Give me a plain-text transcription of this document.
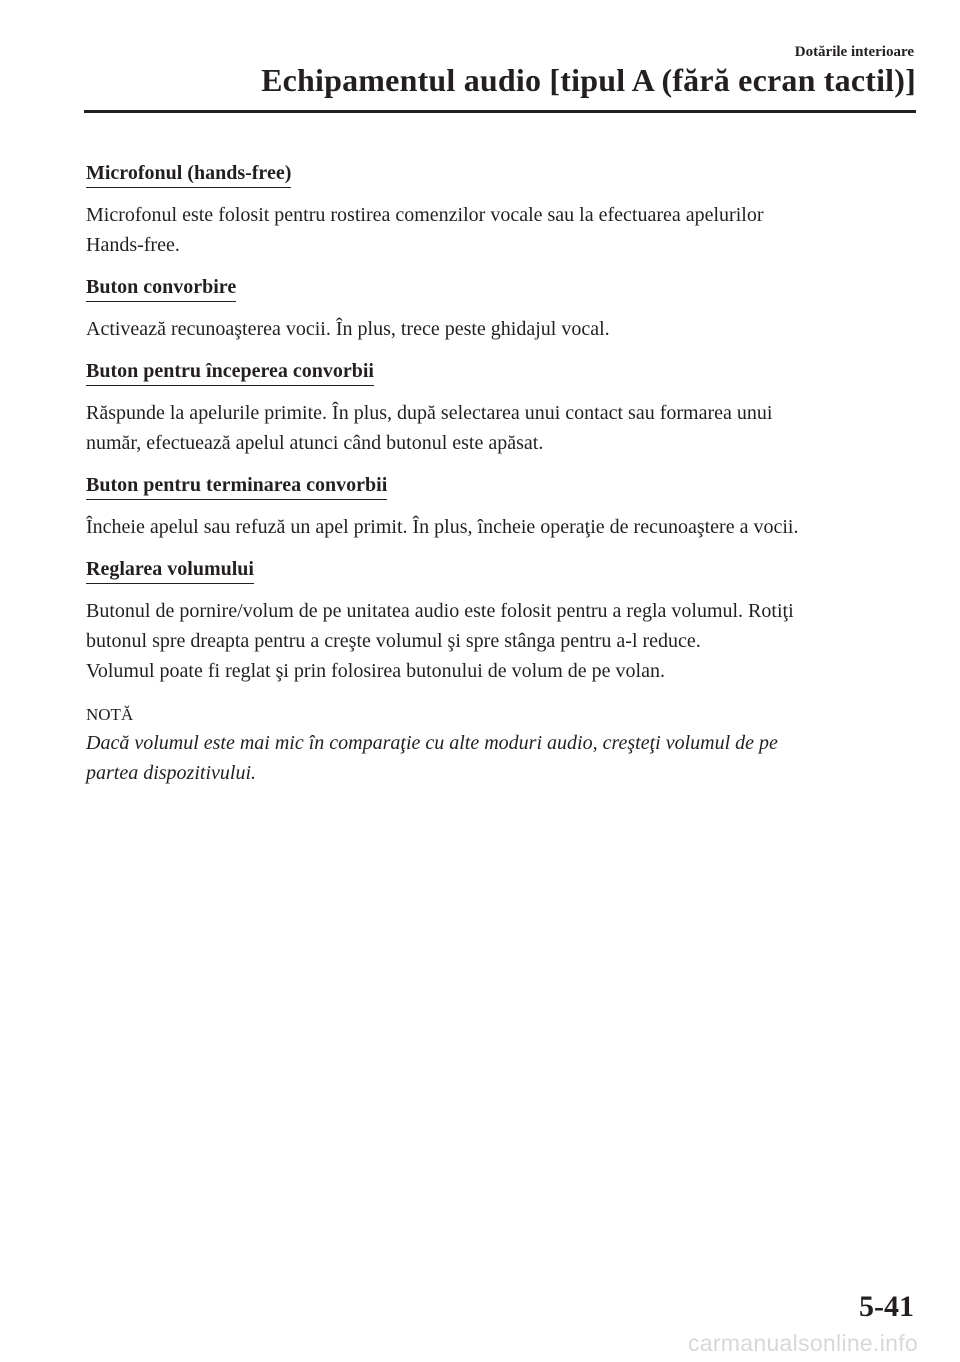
Dotările interioare
Echipamentul audio [tipul A (fără ecran tactil)]
Microfonul (hands-free)
Microfonul este folosit pentru rostirea comenzilor vocale sau la efectuarea apelurilor
Hands-free.
Buton convorbire
Activează recunoaşterea vocii. În plus, trece peste ghidajul vocal.
Buton pentru începerea convorbii
Răspunde la apelurile primite. În plus, după selectarea unui contact sau formarea unui
număr, efectuează apelul atunci când butonul este apăsat.
Buton pentru terminarea convorbii
Încheie apelul sau refuză un apel primit. În plus, încheie operaţie de recunoaştere a vocii.
Reglarea volumului
Butonul de pornire/volum de pe unitatea audio este folosit pentru a regla volumul. Rotiţi
butonul spre dreapta pentru a creşte volumul şi spre stânga pentru a-l reduce.
Volumul poate fi reglat şi prin folosirea butonului de volum de pe volan.
NOTĂ
Dacă volumul este mai mic în comparaţie cu alte moduri audio, creşteţi volumul de pe
partea dispozitivului.
5-41
carmanualsonline.info
